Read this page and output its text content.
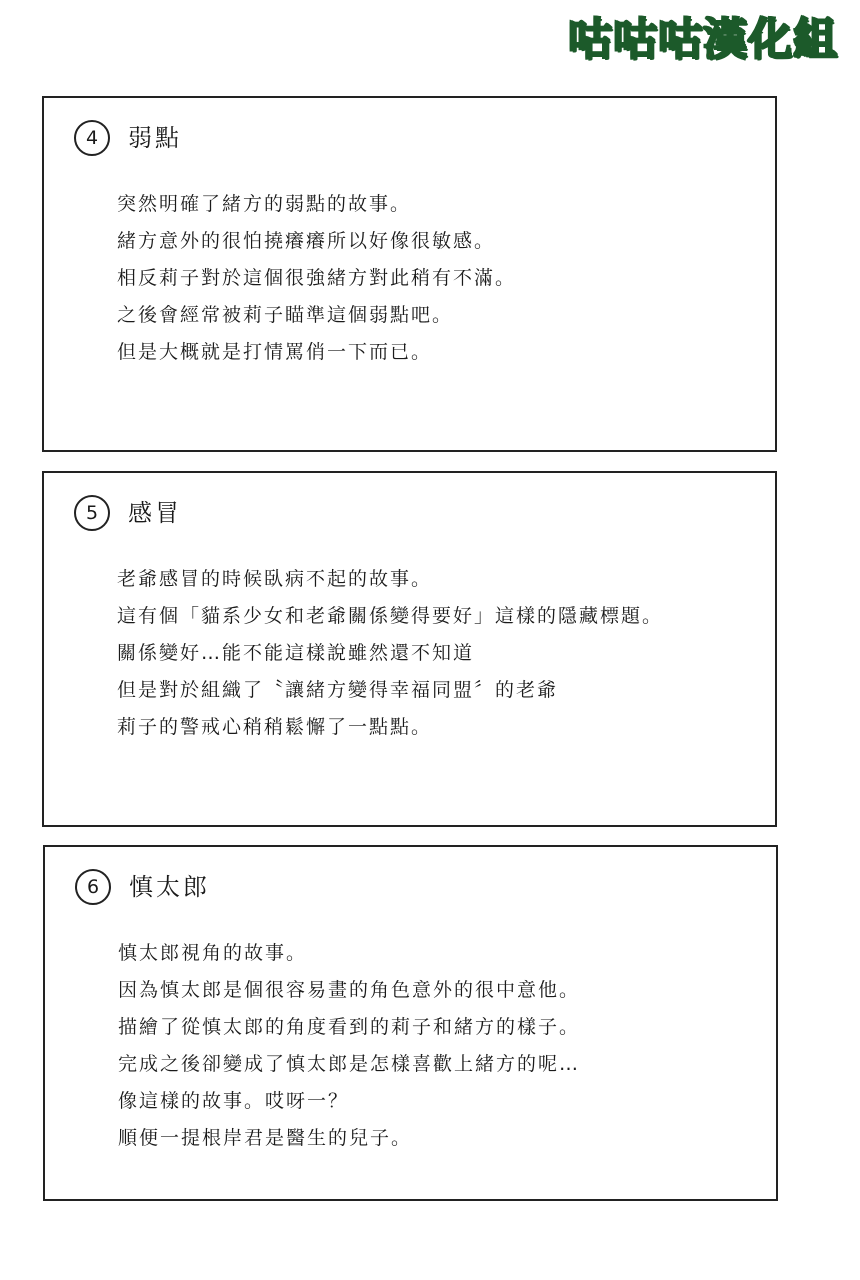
咕咕咕漢化組
4	弱點
突然明確了緒方的弱點的故事。
緒方意外的很怕撓癢癢所以好像很敏感。
相反莉子對於這個很強緒方對此稍有不滿。
之後會經常被莉子瞄準這個弱點吧。
但是大概就是打情罵俏一下而已。
5	感冒
老爺感冒的時候臥病不起的故事。
這有個「貓系少女和老爺關係變得要好」這樣的隱藏標題。
關係變好…能不能這樣說雖然還不知道
但是對於組織了〝讓緒方變得幸福同盟〞的老爺
莉子的警戒心稍稍鬆懈了一點點。
6	慎太郎
慎太郎視角的故事。
因為慎太郎是個很容易畫的角色意外的很中意他。
描繪了從慎太郎的角度看到的莉子和緒方的樣子。
完成之後卻變成了慎太郎是怎樣喜歡上緒方的呢…
像這樣的故事。哎呀一？
順便一提根岸君是醫生的兒子。
